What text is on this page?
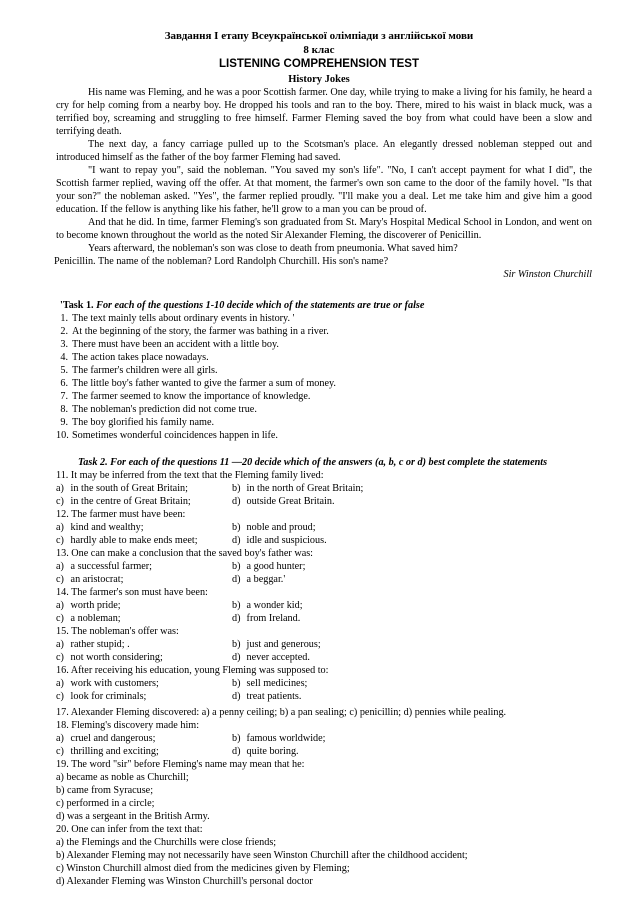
Завдання І етапу Всеукраїнської олімпіади з англійської мови
8 клас
LISTENING COMPREHENSION TEST
History Jokes

His name was Fleming, and he was a poor Scottish farmer. One day, while trying to make a living for his family, he heard a cry for help coming from a nearby boy. He dropped his tools and ran to the boy. There, mired to his waist in black muck, was a terrified boy, screaming and struggling to free himself. Farmer Fleming saved the boy from what could have been a slow and terrifying death.

The next day, a fancy carriage pulled up to the Scotsman's place. An elegantly dressed nobleman stepped out and introduced himself as the father of the boy farmer Fleming had saved.

"I want to repay you", said the nobleman. "You saved my son's life". "No, I can't accept payment for what I did", the Scottish farmer replied, waving off the offer. At that moment, the farmer's own son came to the door of the family hovel. "Is that your son?" the nobleman asked. "Yes", the farmer replied proudly. "I'll make you a deal. Let me take him and give him a good education. If the fellow is anything like his father, he'll grow to a man you can be proud of.

And that he did. In time, farmer Fleming's son graduated from St. Mary's Hospital Medical School in London, and went on to become known throughout the world as the noted Sir Alexander Fleming, the discoverer of Penicillin.

Years afterward, the nobleman's son was close to death from pneumonia. What saved him?

Penicillin. The name of the nobleman? Lord Randolph Churchill. His son's name?

Sir Winston Churchill

'Task 1. For each of the questions 1-10 decide which of the statements are true or false
1. The text mainly tells about ordinary events in history. '
2. At the beginning of the story, the farmer was bathing in a river.
3. There must have been an accident with a little boy.
4. The action takes place nowadays.
5. The farmer's children were all girls.
6. The little boy's father wanted to give the farmer a sum of money.
7. The farmer seemed to know the importance of knowledge.
8. The nobleman's prediction did not come true.
9. The boy glorified his family name.
10. Sometimes wonderful coincidences happen in life.
Task 2. For each of the questions 11 —20 decide which of the answers (a, b, c or d) best complete the statements
11. It may be inferred from the text that the Fleming family lived:
a) in the south of Great Britain;	b) in the north of Great Britain;
c) in the centre of Great Britain;	d) outside Great Britain.
12. The farmer must have been:
a) kind and wealthy;	b) noble and proud;
c) hardly able to make ends meet;	d) idle and suspicious.
13. One can make a conclusion that the saved boy's father was:
a) a successful farmer;	b) a good hunter;
c) an aristocrat;	d) a beggar.'
14. The farmer's son must have been:
a) worth pride;	b) a wonder kid;
c) a nobleman;	d) from Ireland.
15. The nobleman's offer was:
a) rather stupid; .	b) just and generous;
c) not worth considering;	d) never accepted.
16. After receiving his education, young Fleming was supposed to:
a) work with customers;	b) sell medicines;
c) look for criminals;	d) treat patients.
17. Alexander Fleming discovered: a) a penny ceiling; b) a pan sealing; c) penicillin; d) pennies while pealing.
18. Fleming's discovery made him:
a) cruel and dangerous;	b) famous worldwide;
c) thrilling and exciting;	d) quite boring.
19. The word "sir" before Fleming's name may mean that he:
a) became as noble as Churchill;
b) came from Syracuse;
c) performed in a circle;
d) was a sergeant in the British Army.
20. One can infer from the text that:
a) the Flemings and the Churchills were close friends;
b) Alexander Fleming may not necessarily have seen Winston Churchill after the childhood accident;
c) Winston Churchill almost died from the medicines given by Fleming;
d) Alexander Fleming was Winston Churchill's personal doctor
